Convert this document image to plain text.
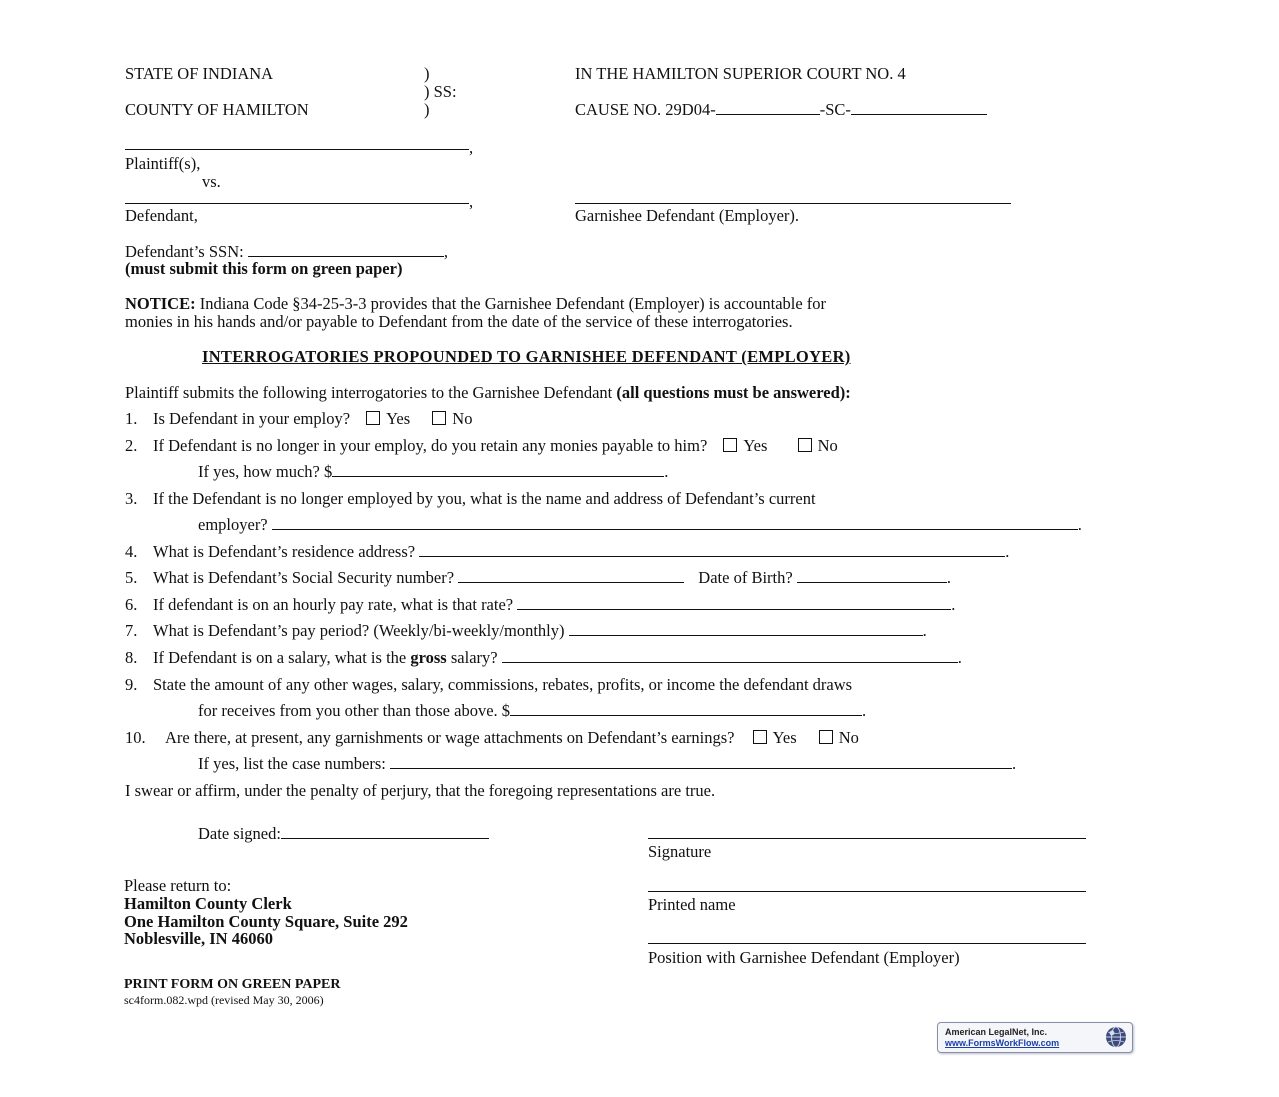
STATE OF INDIANA
COUNTY OF HAMILTON
)
) SS:
)
IN THE HAMILTON SUPERIOR COURT NO. 4
CAUSE NO. 29D04-	-SC-
,
Plaintiff(s),
vs.
,
Defendant,	Garnishee Defendant (Employer).
Defendant’s SSN:	,
(must submit this form on green paper)
NOTICE: Indiana Code §34-25-3-3 provides that the Garnishee Defendant (Employer) is accountable for
monies in his hands and/or payable to Defendant from the date of the service of these interrogatories.
INTERROGATORIES PROPOUNDED TO GARNISHEE DEFENDANT (EMPLOYER)
Plaintiff submits the following interrogatories to the Garnishee Defendant (all questions must be answered):
1. Is Defendant in your employ? Yes	No
2. If Defendant is no longer in your employ, do you retain any monies payable to him? Yes	No
If yes, how much? $	.
3. If the Defendant is no longer employed by you, what is the name and address of Defendant’s current
employer?	.
4. What is Defendant’s residence address?	.
5. What is Defendant’s Social Security number?	Date of Birth?	.
6. If defendant is on an hourly pay rate, what is that rate?	.
7. What is Defendant’s pay period? (Weekly/bi-weekly/monthly)	.
8. If Defendant is on a salary, what is the gross salary?	.
9. State the amount of any other wages, salary, commissions, rebates, profits, or income the defendant draws
for receives from you other than those above. $	.
10. Are there, at present, any garnishments or wage attachments on Defendant’s earnings? Yes	No
If yes, list the case numbers:	.
I swear or affirm, under the penalty of perjury, that the foregoing representations are true.
Date signed:
Signature
Please return to:
Hamilton County Clerk
One Hamilton County Square, Suite 292
Noblesville, IN 46060
Printed name
Position with Garnishee Defendant (Employer)
PRINT FORM ON GREEN PAPER
sc4form.082.wpd (revised May 30, 2006)
American LegalNet, Inc.
www.FormsWorkFlow.com
